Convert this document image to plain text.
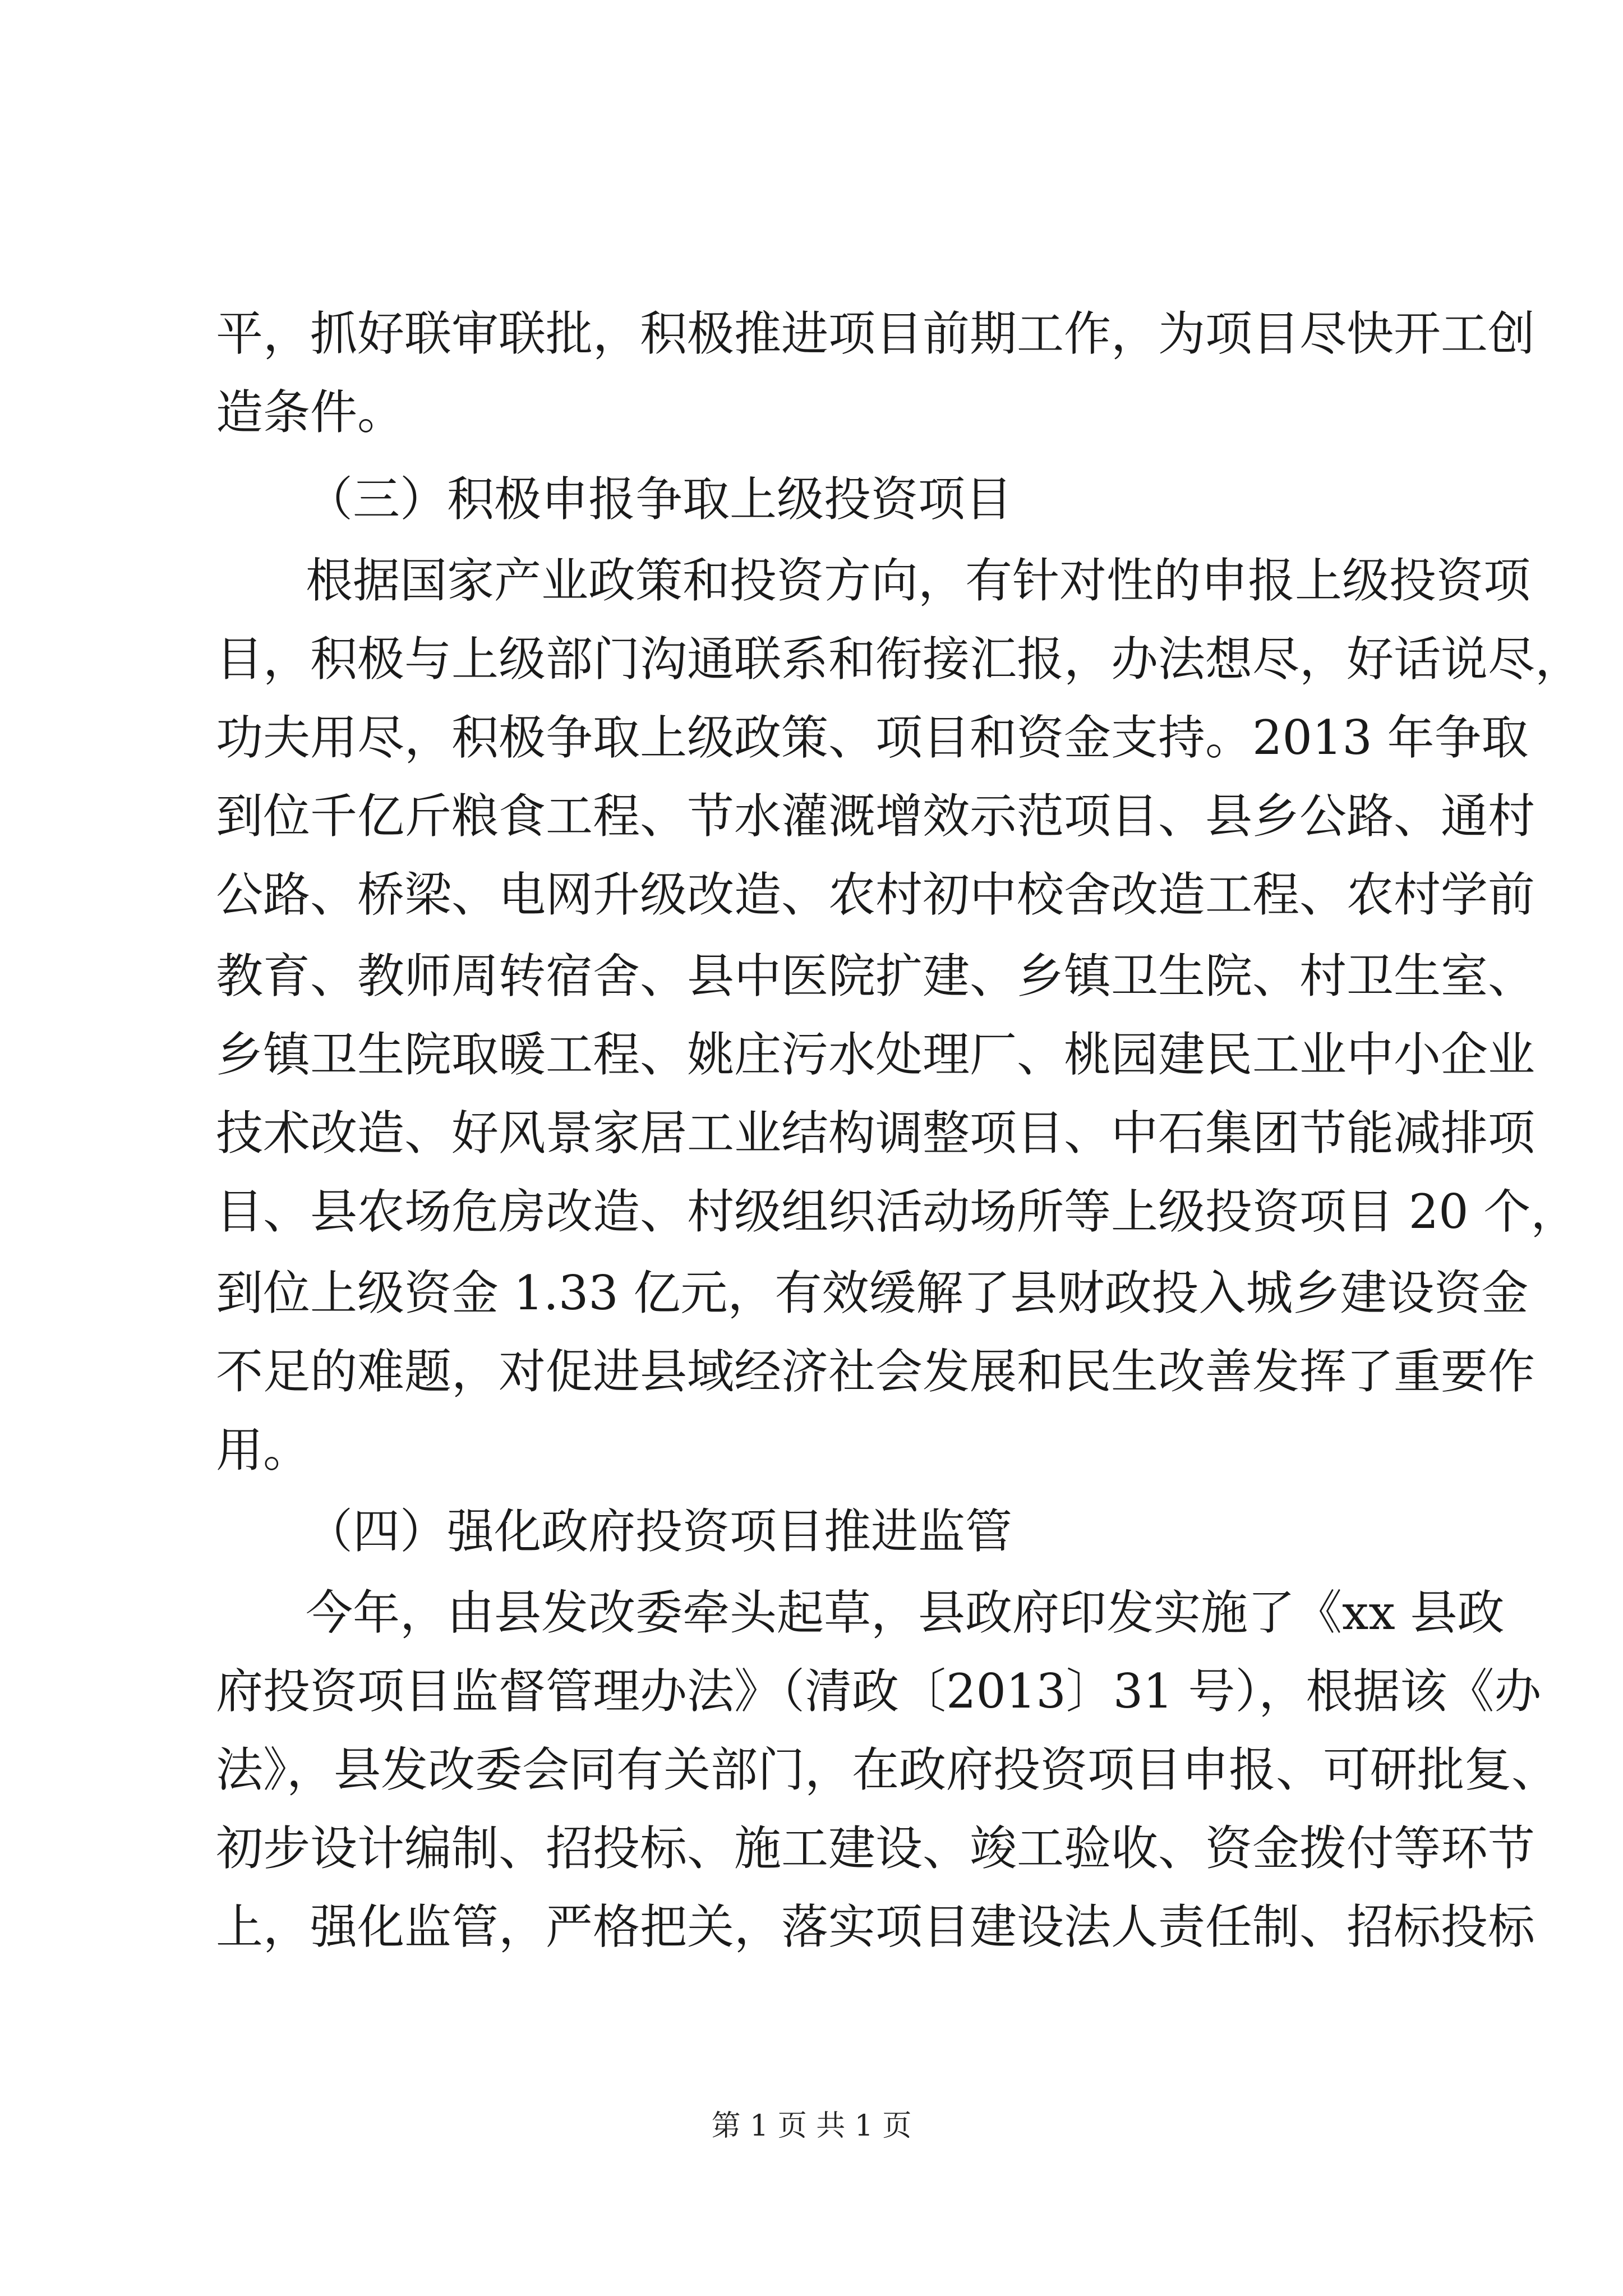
平，抓好联审联批，积极推进项目前期工作，为项目尽快开工创
造条件。
（三）积极申报争取上级投资项目
根据国家产业政策和投资方向，有针对性的申报上级投资项
目，积极与上级部门沟通联系和衔接汇报，办法想尽，好话说尽，
功夫用尽，积极争取上级政策、项目和资金支持。2013 年争取
到位千亿斤粮食工程、节水灌溉增效示范项目、县乡公路、通村
公路、桥梁、电网升级改造、农村初中校舍改造工程、农村学前
教育、教师周转宿舍、县中医院扩建、乡镇卫生院、村卫生室、
乡镇卫生院取暖工程、姚庄污水处理厂、桃园建民工业中小企业
技术改造、好风景家居工业结构调整项目、中石集团节能减排项
目、县农场危房改造、村级组织活动场所等上级投资项目 20 个，
到位上级资金 1.33 亿元，有效缓解了县财政投入城乡建设资金
不足的难题，对促进县域经济社会发展和民生改善发挥了重要作
用。
（四）强化政府投资项目推进监管
今年，由县发改委牵头起草，县政府印发实施了《xx 县政
府投资项目监督管理办法》（清政〔2013〕31 号），根据该《办
法》，县发改委会同有关部门，在政府投资项目申报、可研批复、
初步设计编制、招投标、施工建设、竣工验收、资金拨付等环节
上，强化监管，严格把关，落实项目建设法人责任制、招标投标
第 1 页 共 1 页
